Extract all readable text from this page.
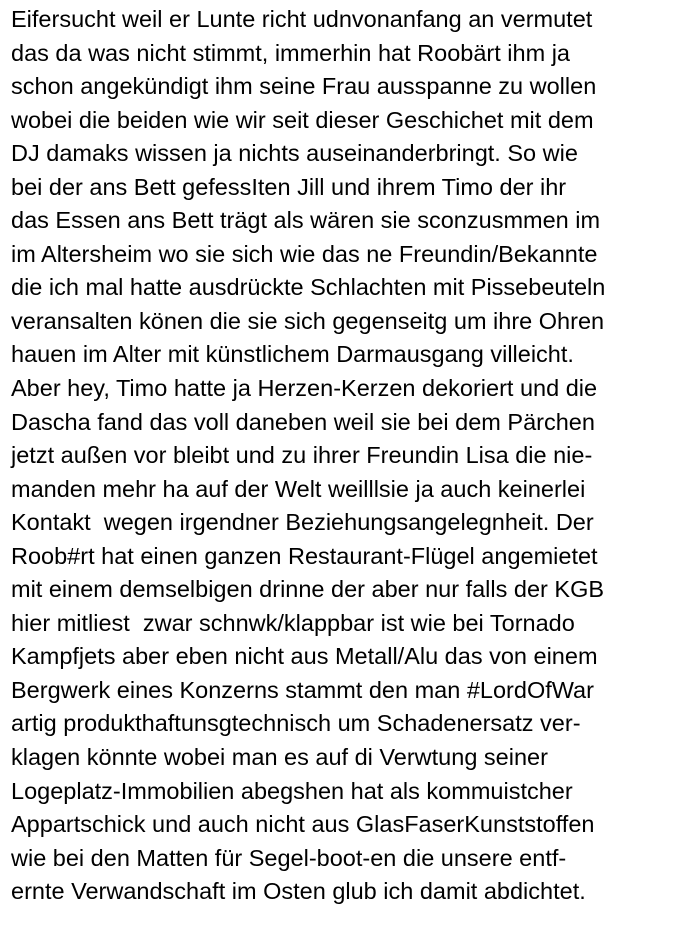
Eifersucht weil er Lunte richt udnvonanfang an vermutet
das da was nicht stimmt, immerhin hat Roobärt ihm ja
schon angekündigt ihm seine Frau ausspanne zu wollen
wobei die beiden wie wir seit dieser Geschichet mit dem
DJ damaks wissen ja nichts auseinanderbringt. So wie
bei der ans Bett gefessIten Jill und ihrem Timo der ihr
das Essen ans Bett trägt als wären sie sconzusmmen im
im Altersheim wo sie sich wie das ne Freundin/Bekannte
die ich mal hatte ausdrückte Schlachten mit Pissebeuteln
veransalten könen die sie sich gegenseitg um ihre Ohren
hauen im Alter mit künstlichem Darmausgang villeicht.
Aber hey, Timo hatte ja Herzen-Kerzen dekoriert und die
Dascha fand das voll daneben weil sie bei dem Pärchen
jetzt außen vor bleibt und zu ihrer Freundin Lisa die nie-
manden mehr ha auf der Welt weilllsie ja auch keinerlei
Kontakt  wegen irgendner Beziehungsangelegnheit. Der
Roob#rt hat einen ganzen Restaurant-Flügel angemietet
mit einem demselbigen drinne der aber nur falls der KGB
hier mitliest  zwar schnwk/klappbar ist wie bei Tornado
Kampfjets aber eben nicht aus Metall/Alu das von einem
Bergwerk eines Konzerns stammt den man #LordOfWar
artig produkthaftunsgtechnisch um Schadenersatz ver-
klagen könnte wobei man es auf di Verwtung seiner
Logeplatz-Immobilien abegshen hat als kommuistcher
Appartschick und auch nicht aus GlasFaserKunststoffen
wie bei den Matten für Segel-boot-en die unsere entf-
ernte Verwandschaft im Osten glub ich damit abdichtet.
